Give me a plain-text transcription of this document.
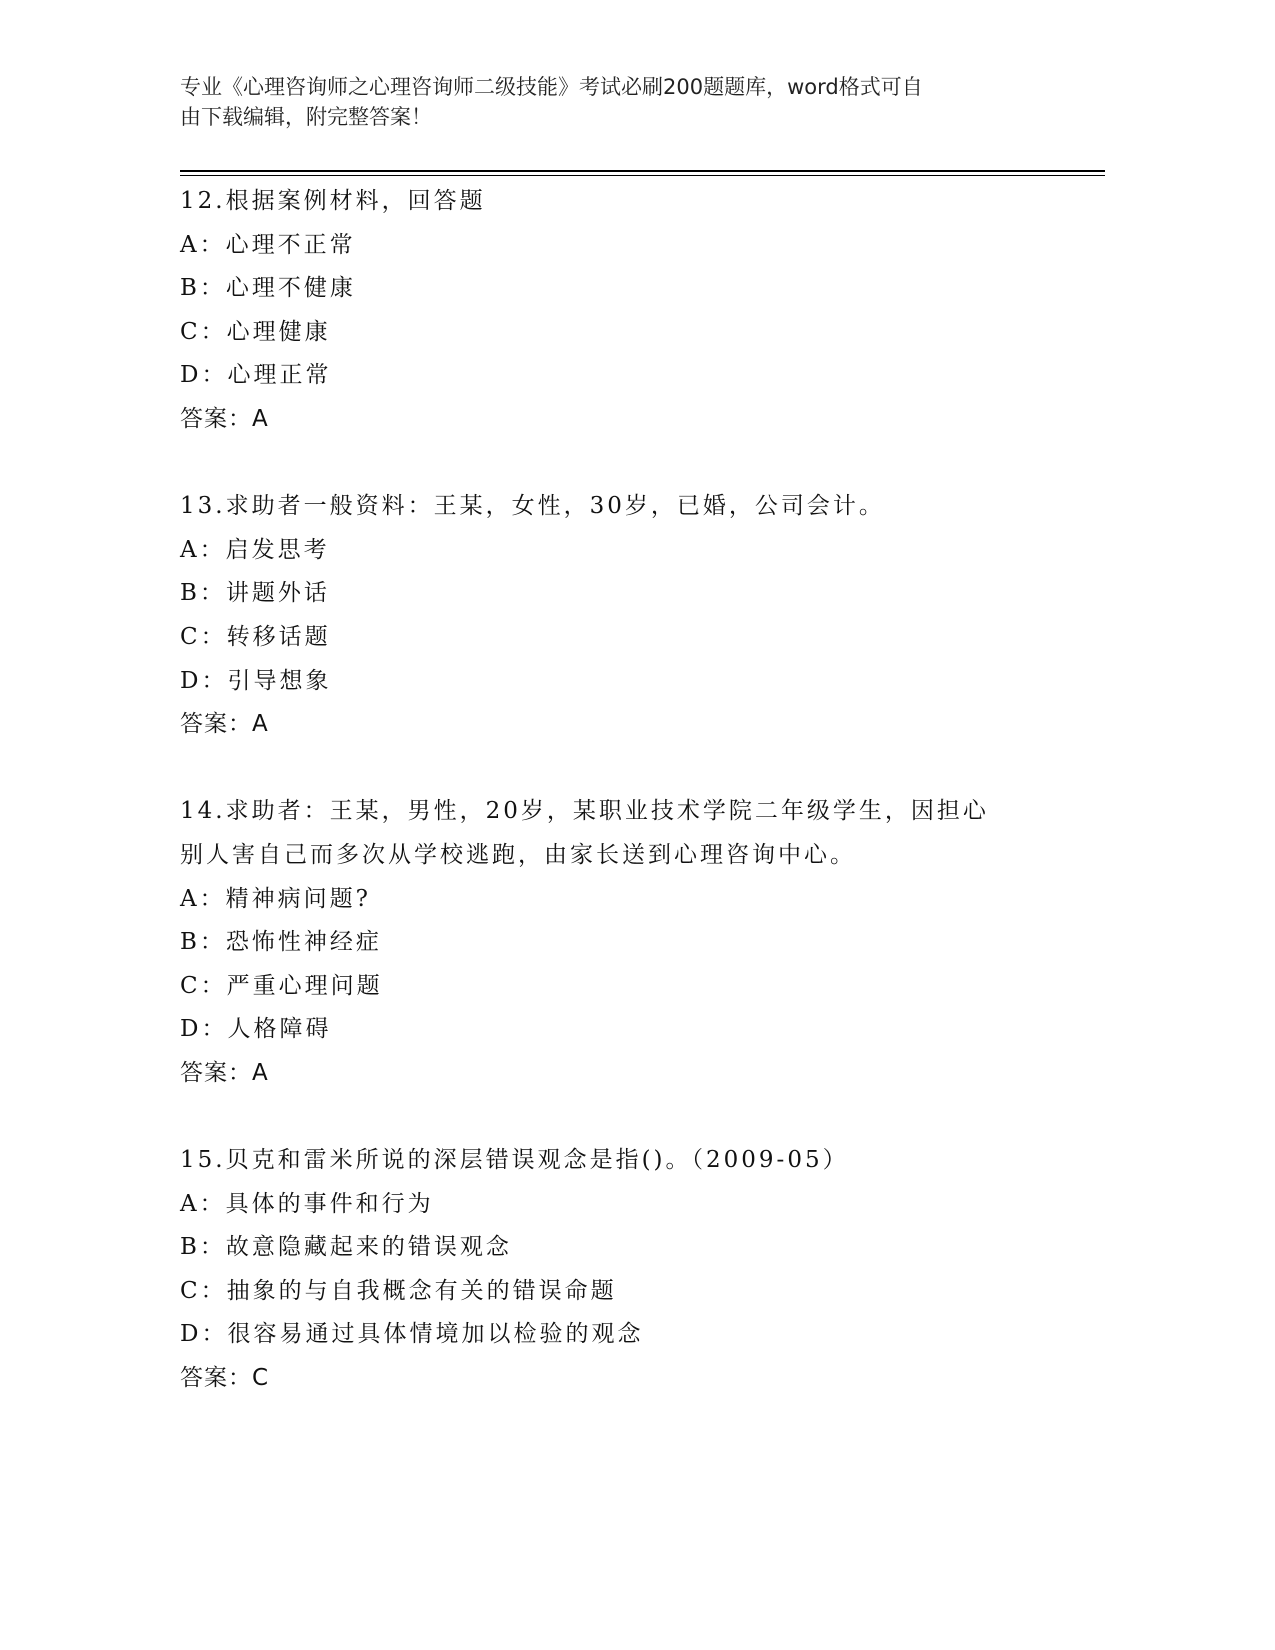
专业《心理咨询师之心理咨询师二级技能》考试必刷200题题库，word格式可自
由下载编辑，附完整答案！
12.根据案例材料，回答题
A：心理不正常
B：心理不健康
C：心理健康
D：心理正常
答案：A
13.求助者一般资料：王某，女性，30岁，已婚，公司会计。
A：启发思考
B：讲题外话
C：转移话题
D：引导想象
答案：A
14.求助者：王某，男性，20岁，某职业技术学院二年级学生，因担心
别人害自己而多次从学校逃跑，由家长送到心理咨询中心。
A：精神病问题?
B：恐怖性神经症
C：严重心理问题
D：人格障碍
答案：A
15.贝克和雷米所说的深层错误观念是指()。（2009-05）
A：具体的事件和行为
B：故意隐藏起来的错误观念
C：抽象的与自我概念有关的错误命题
D：很容易通过具体情境加以检验的观念
答案：C
